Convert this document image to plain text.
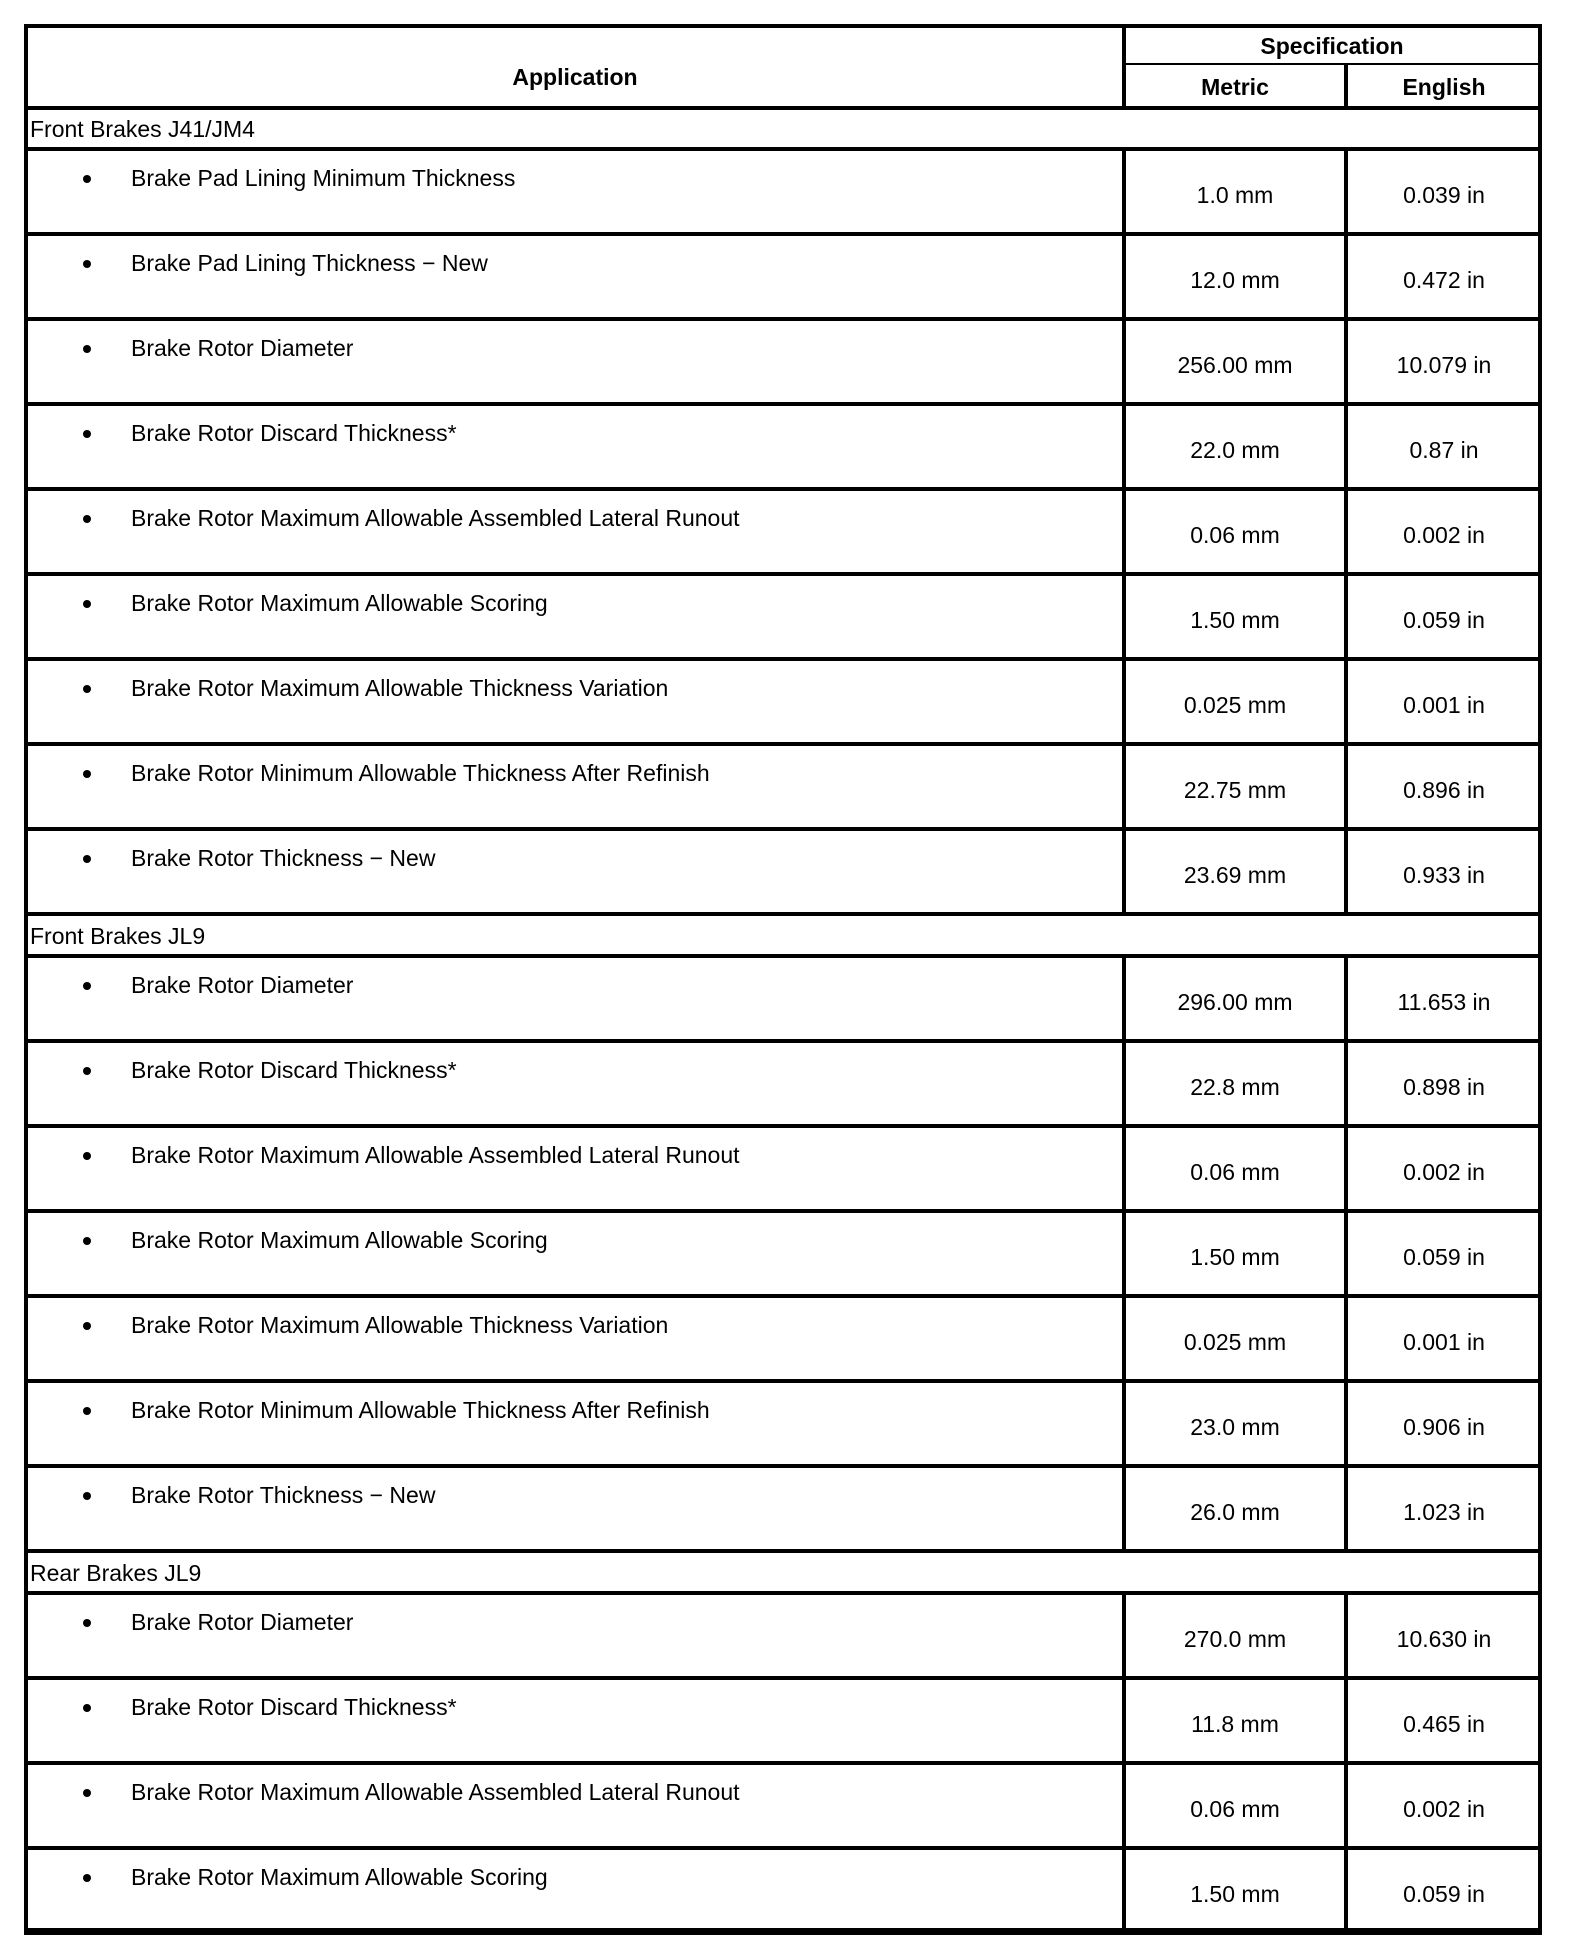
Application
Specification
Metric	English
Front Brakes J41/JM4
Brake Pad Lining Minimum Thickness
1.0 mm	0.039 in
Brake Pad Lining Thickness − New
12.0 mm	0.472 in
Brake Rotor Diameter
256.00 mm	10.079 in
Brake Rotor Discard Thickness*
22.0 mm	0.87 in
Brake Rotor Maximum Allowable Assembled Lateral Runout
0.06 mm	0.002 in
Brake Rotor Maximum Allowable Scoring
1.50 mm	0.059 in
Brake Rotor Maximum Allowable Thickness Variation
0.025 mm	0.001 in
Brake Rotor Minimum Allowable Thickness After Refinish
22.75 mm	0.896 in
Brake Rotor Thickness − New
23.69 mm	0.933 in
Front Brakes JL9
Brake Rotor Diameter
296.00 mm	11.653 in
Brake Rotor Discard Thickness*
22.8 mm	0.898 in
Brake Rotor Maximum Allowable Assembled Lateral Runout
0.06 mm	0.002 in
Brake Rotor Maximum Allowable Scoring
1.50 mm	0.059 in
Brake Rotor Maximum Allowable Thickness Variation
0.025 mm	0.001 in
Brake Rotor Minimum Allowable Thickness After Refinish
23.0 mm	0.906 in
Brake Rotor Thickness − New
26.0 mm	1.023 in
Rear Brakes JL9
Brake Rotor Diameter
270.0 mm	10.630 in
Brake Rotor Discard Thickness*
11.8 mm	0.465 in
Brake Rotor Maximum Allowable Assembled Lateral Runout
0.06 mm	0.002 in
Brake Rotor Maximum Allowable Scoring
1.50 mm	0.059 in
